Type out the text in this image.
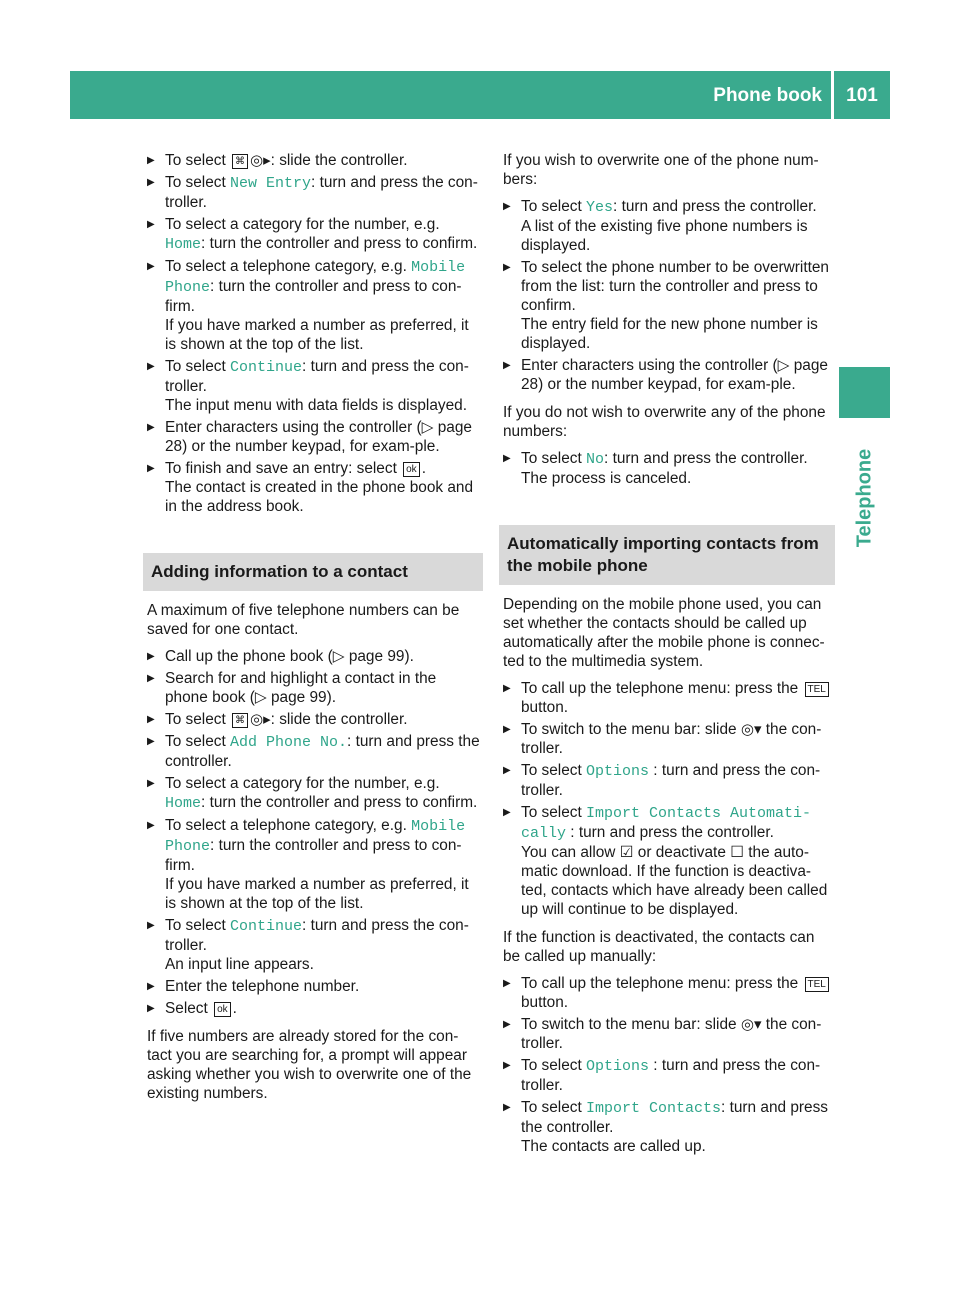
Phone book	101
Telephone
▶ To select ⌘ ◎▸: slide the controller.
▶ To select New Entry: turn and press the con-troller.
▶ To select a category for the number, e.g. Home: turn the controller and press to confirm.
▶ To select a telephone category, e.g. Mobile Phone: turn the controller and press to con-firm.
If you have marked a number as preferred, it is shown at the top of the list.
▶ To select Continue: turn and press the con-troller.
The input menu with data fields is displayed.
▶ Enter characters using the controller (▷ page 28) or the number keypad, for exam-ple.
▶ To finish and save an entry: select ok .
The contact is created in the phone book and in the address book.
Adding information to a contact
A maximum of five telephone numbers can be saved for one contact.
▶ Call up the phone book (▷ page 99).
▶ Search for and highlight a contact in the phone book (▷ page 99).
▶ To select ⌘ ◎▸: slide the controller.
▶ To select Add Phone No.: turn and press the controller.
▶ To select a category for the number, e.g. Home: turn the controller and press to confirm.
▶ To select a telephone category, e.g. Mobile Phone: turn the controller and press to con-firm.
If you have marked a number as preferred, it is shown at the top of the list.
▶ To select Continue: turn and press the con-troller.
An input line appears.
▶ Enter the telephone number.
▶ Select ok .
If five numbers are already stored for the con-tact you are searching for, a prompt will appear asking whether you wish to overwrite one of the existing numbers.
If you wish to overwrite one of the phone num-bers:
▶ To select Yes: turn and press the controller.
A list of the existing five phone numbers is displayed.
▶ To select the phone number to be overwritten from the list: turn the controller and press to confirm.
The entry field for the new phone number is displayed.
▶ Enter characters using the controller (▷ page 28) or the number keypad, for exam-ple.
If you do not wish to overwrite any of the phone numbers:
▶ To select No: turn and press the controller.
The process is canceled.
Automatically importing contacts from the mobile phone
Depending on the mobile phone used, you can set whether the contacts should be called up automatically after the mobile phone is connec-ted to the multimedia system.
▶ To call up the telephone menu: press the TEL button.
▶ To switch to the menu bar: slide ◎▾ the con-troller.
▶ To select Options : turn and press the con-troller.
▶ To select Import Contacts Automati-cally : turn and press the controller.
You can allow ☑ or deactivate ☐ the auto-matic download. If the function is deactiva-ted, contacts which have already been called up will continue to be displayed.
If the function is deactivated, the contacts can be called up manually:
▶ To call up the telephone menu: press the TEL button.
▶ To switch to the menu bar: slide ◎▾ the con-troller.
▶ To select Options : turn and press the con-troller.
▶ To select Import Contacts: turn and press the controller.
The contacts are called up.
